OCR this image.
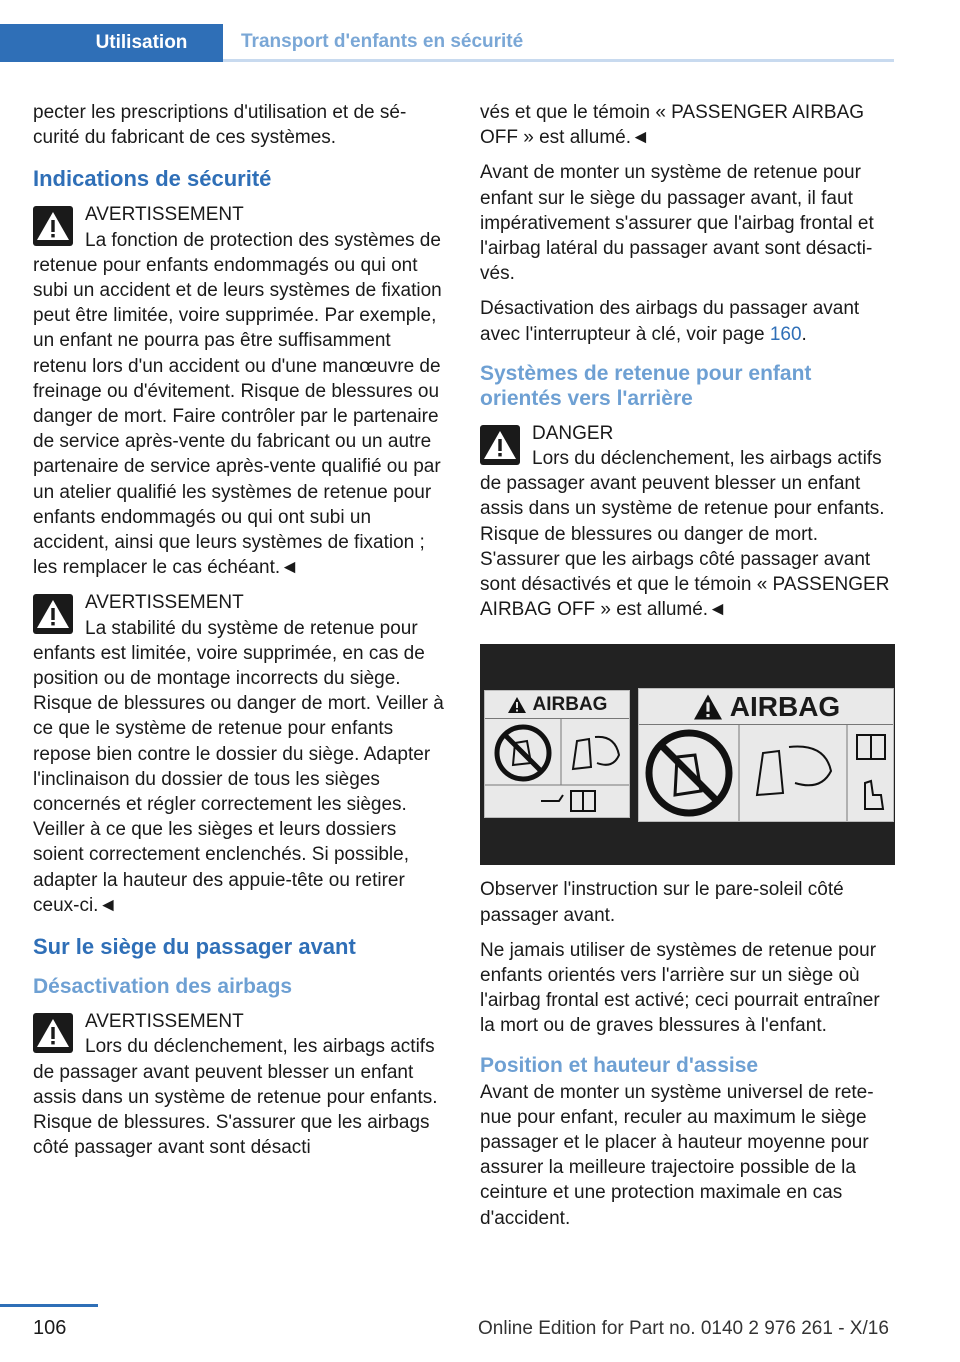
Utilisation	Transport d'enfants en sécurité

pecter les prescriptions d'utilisation et de sécurité du fabricant de ces systèmes.

Indications de sécurité
AVERTISSEMENT
La fonction de protection des systèmes de retenue pour enfants endommagés ou qui ont subi un accident et de leurs systèmes de fixation peut être limitée, voire supprimée. Par exemple, un enfant ne pourra pas être suffisamment retenu lors d'un accident ou d'une manœuvre de freinage ou d'évitement. Risque de blessures ou danger de mort. Faire contrôler par le partenaire de service après-vente du fabricant ou un autre partenaire de service après-vente qualifié ou par un atelier qualifié les systèmes de retenue pour enfants endommagés ou qui ont subi un accident, ainsi que leurs systèmes de fixation ; les remplacer le cas échéant.◄
AVERTISSEMENT
La stabilité du système de retenue pour enfants est limitée, voire supprimée, en cas de position ou de montage incorrects du siège. Risque de blessures ou danger de mort. Veiller à ce que le système de retenue pour enfants repose bien contre le dossier du siège. Adapter l'inclinaison du dossier de tous les sièges concernés et régler correctement les sièges. Veiller à ce que les sièges et leurs dossiers soient correctement enclenchés. Si possible, adapter la hauteur des appuie-tête ou retirer ceux-ci.◄
Sur le siège du passager avant
Désactivation des airbags
AVERTISSEMENT
Lors du déclenchement, les airbags actifs de passager avant peuvent blesser un enfant assis dans un système de retenue pour enfants. Risque de blessures. S'assurer que les airbags côté passager avant sont désacti

vés et que le témoin « PASSENGER AIRBAG OFF » est allumé.◄

Avant de monter un système de retenue pour enfant sur le siège du passager avant, il faut impérativement s'assurer que l'airbag frontal et l'airbag latéral du passager avant sont désactivés.

Désactivation des airbags du passager avant avec l'interrupteur à clé, voir page 160.

Systèmes de retenue pour enfant orientés vers l'arrière
DANGER
Lors du déclenchement, les airbags actifs de passager avant peuvent blesser un enfant assis dans un système de retenue pour enfants. Risque de blessures ou danger de mort. S'assurer que les airbags côté passager avant sont désactivés et que le témoin « PASSENGER AIRBAG OFF » est allumé.◄
AIRBAG	AIRBAG

Observer l'instruction sur le pare-soleil côté passager avant.

Ne jamais utiliser de systèmes de retenue pour enfants orientés vers l'arrière sur un siège où l'airbag frontal est activé; ceci pourrait entraîner la mort ou de graves blessures à l'enfant.

Position et hauteur d'assise

Avant de monter un système universel de retenue pour enfant, reculer au maximum le siège passager et le placer à hauteur moyenne pour assurer la meilleure trajectoire possible de la ceinture et une protection maximale en cas d'accident.

106	Online Edition for Part no. 0140 2 976 261 - X/16
